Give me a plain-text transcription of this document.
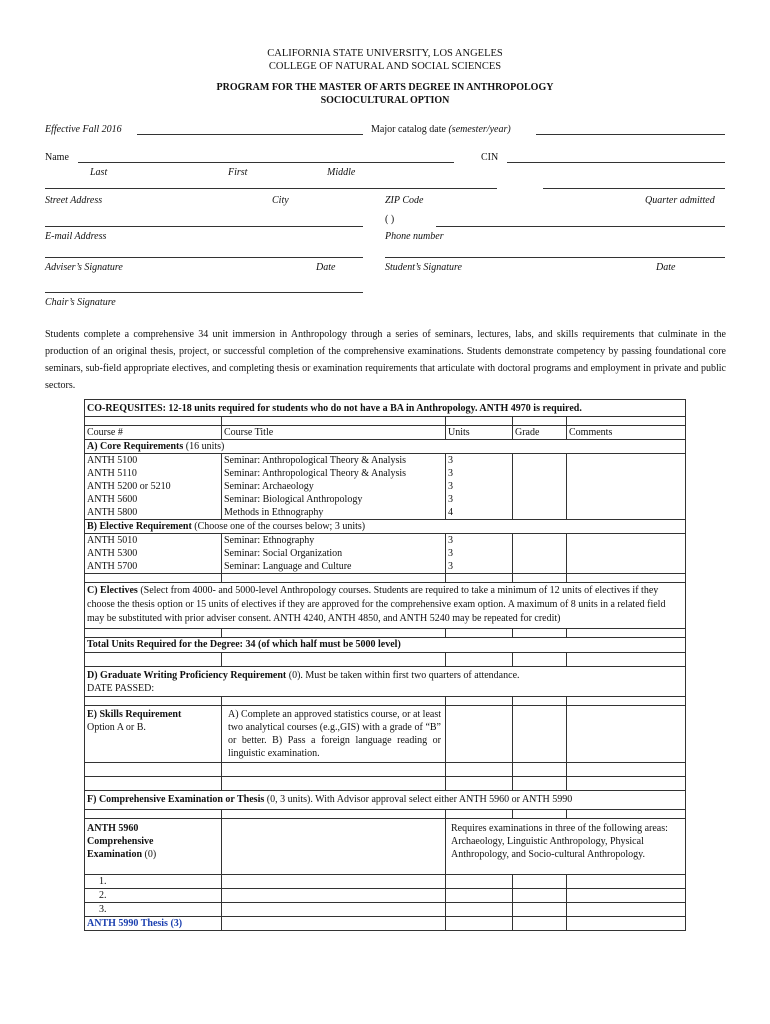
CALIFORNIA STATE UNIVERSITY, LOS ANGELES
COLLEGE OF NATURAL AND SOCIAL SCIENCES
PROGRAM FOR THE MASTER OF ARTS DEGREE IN ANTHROPOLOGY
SOCIOCULTURAL OPTION
Effective Fall 2016	Major catalog date (semester/year)
Name	CIN
Last	First	Middle
Street Address	City	ZIP Code	Quarter admitted
( )
E-mail Address	Phone number
Adviser’s Signature	Date	Student’s Signature	Date
Chair’s Signature
Students complete a comprehensive 34 unit immersion in Anthropology through a series of seminars, lectures, labs, and skills requirements that culminate in the production of an original thesis, project, or successful completion of the comprehensive examinations. Students demonstrate competency by passing foundational core seminars, sub-field appropriate electives, and completing thesis or examination requirements that articulate with doctoral programs and employment in private and public sectors.
CO-REQUSITES: 12-18 units required for students who do not have a BA in Anthropology. ANTH 4970 is required.				

Course #	Course Title	Units	Grade	Comments
A) Core Requirements (16 units)				
ANTH 5100	Seminar: Anthropological Theory & Analysis	3		
ANTH 5110	Seminar: Anthropological Theory & Analysis	3		
ANTH 5200 or 5210	Seminar: Archaeology	3		
ANTH 5600	Seminar: Biological Anthropology	3		
ANTH 5800	Methods in Ethnography	4		
B) Elective Requirement (Choose one of the courses below; 3 units)				
ANTH 5010	Seminar: Ethnography	3		
ANTH 5300	Seminar: Social Organization	3		
ANTH 5700	Seminar: Language and Culture	3		

C) Electives (Select from 4000- and 5000-level Anthropology courses. Students are required to take a minimum of 12 units of electives if they choose the thesis option or 15 units of electives if they are approved for the comprehensive exam option. A maximum of 8 units in a related field may be substituted with prior adviser consent. ANTH 4240, ANTH 4850, and ANTH 5240 may be repeated for credit)				

Total Units Required for the Degree: 34 (of which half must be 5000 level)				

D) Graduate Writing Proficiency Requirement (0). Must be taken within first two quarters of attendance.
DATE PASSED:				

E) Skills Requirement
Option A or B.	A) Complete an approved statistics course, or at least two analytical courses (e.g.,GIS) with a grade of “B” or better. B) Pass a foreign language reading or linguistic examination.			

F) Comprehensive Examination or Thesis (0, 3 units). With Advisor approval select either ANTH 5960 or ANTH 5990				

ANTH 5960
Comprehensive
Examination (0)		Requires examinations in three of the following areas: Archaeology, Linguistic Anthropology, Physical Anthropology, and Socio-cultural Anthropology.		
1.				
2.				
3.				
ANTH 5990 Thesis (3)				
